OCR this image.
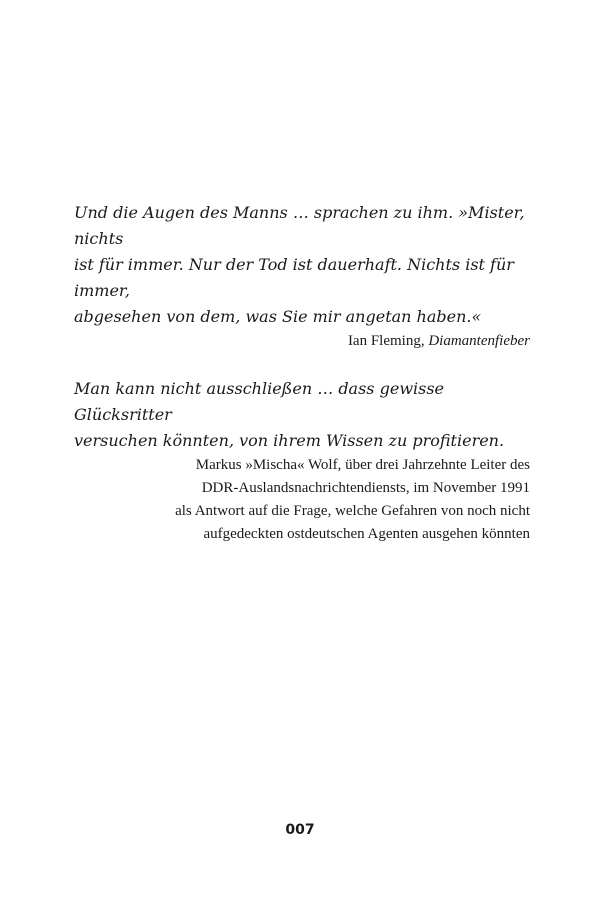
Und die Augen des Manns … sprachen zu ihm. »Mister, nichts
ist für immer. Nur der Tod ist dauerhaft. Nichts ist für immer,
abgesehen von dem, was Sie mir angetan haben.«

Ian Fleming, Diamantenfieber

Man kann nicht ausschließen … dass gewisse Glücksritter
versuchen könnten, von ihrem Wissen zu profitieren.

Markus »Mischa« Wolf, über drei Jahrzehnte Leiter des
DDR-Auslandsnachrichtendiensts, im November 1991
als Antwort auf die Frage, welche Gefahren von noch nicht
aufgedeckten ostdeutschen Agenten ausgehen könnten

007
